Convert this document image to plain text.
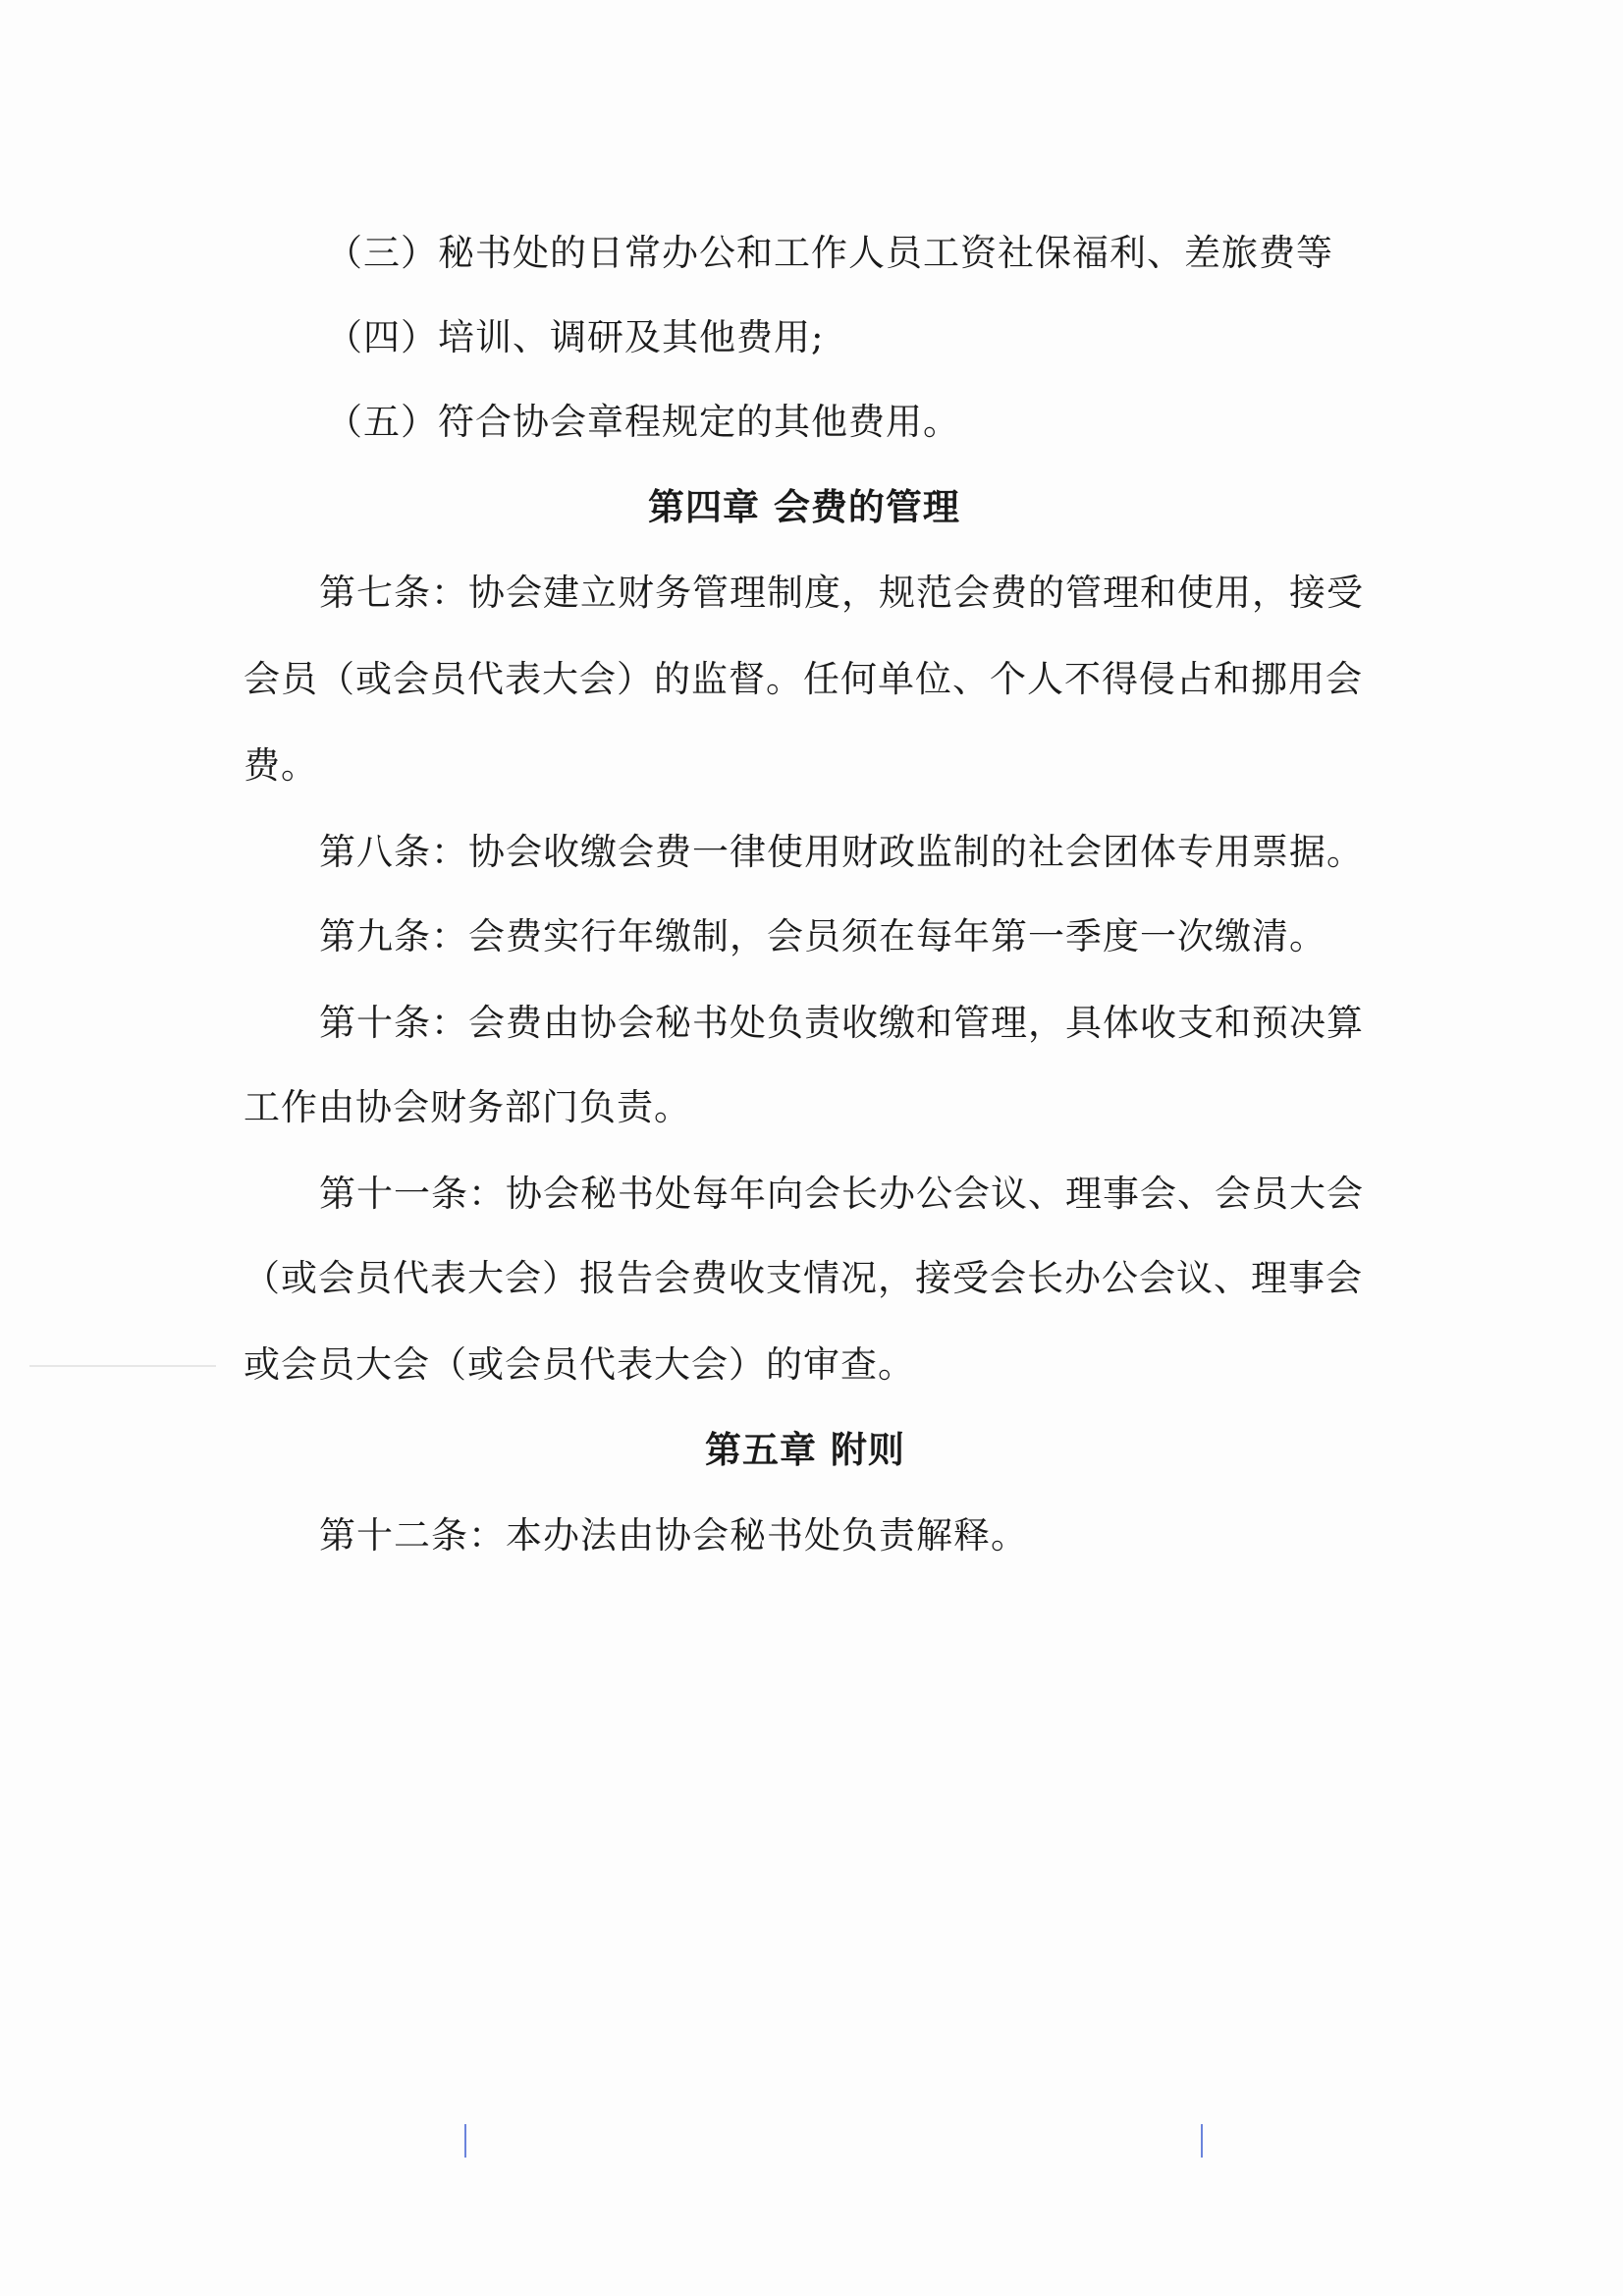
（三）秘书处的日常办公和工作人员工资社保福利、差旅费等
（四）培训、调研及其他费用;
（五）符合协会章程规定的其他费用。
第四章 会费的管理
第七条：协会建立财务管理制度，规范会费的管理和使用，接受
会员（或会员代表大会）的监督。任何单位、个人不得侵占和挪用会
费。
第八条：协会收缴会费一律使用财政监制的社会团体专用票据。
第九条：会费实行年缴制，会员须在每年第一季度一次缴清。
第十条：会费由协会秘书处负责收缴和管理，具体收支和预决算
工作由协会财务部门负责。
第十一条：协会秘书处每年向会长办公会议、理事会、会员大会
（或会员代表大会）报告会费收支情况，接受会长办公会议、理事会
或会员大会（或会员代表大会）的审查。
第五章 附则
第十二条：本办法由协会秘书处负责解释。
